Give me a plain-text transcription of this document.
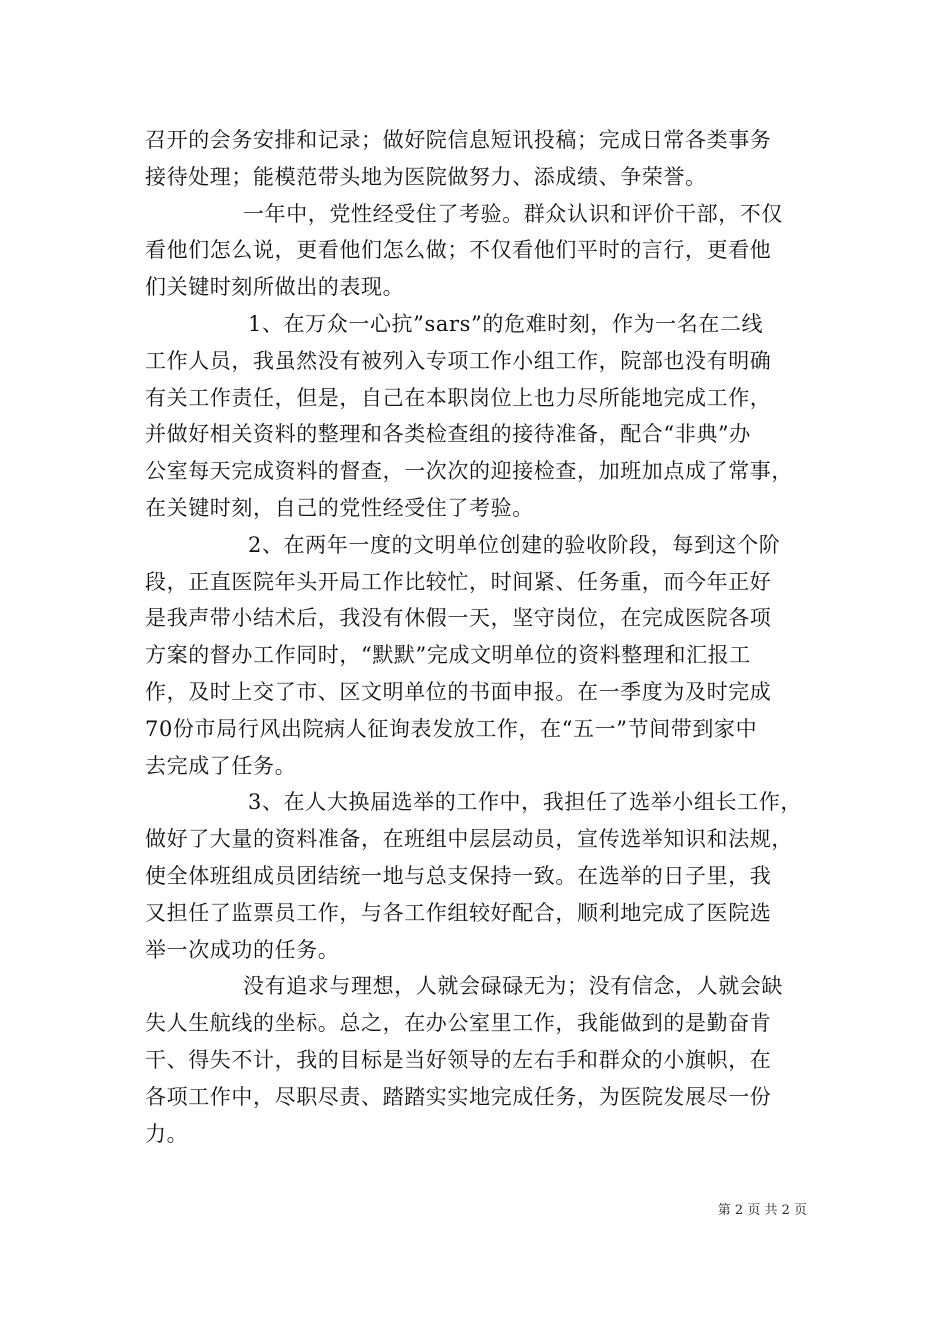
召开的会务安排和记录；做好院信息短讯投稿；完成日常各类事务
接待处理；能模范带头地为医院做努力、添成绩、争荣誉。

一年中，党性经受住了考验。群众认识和评价干部，不仅
看他们怎么说，更看他们怎么做；不仅看他们平时的言行，更看他
们关键时刻所做出的表现。

1、在万众一心抗”sars”的危难时刻，作为一名在二线
工作人员，我虽然没有被列入专项工作小组工作，院部也没有明确
有关工作责任，但是，自己在本职岗位上也力尽所能地完成工作，
并做好相关资料的整理和各类检查组的接待准备，配合“非典”办
公室每天完成资料的督查，一次次的迎接检查，加班加点成了常事，
在关键时刻，自己的党性经受住了考验。

2、在两年一度的文明单位创建的验收阶段，每到这个阶
段，正直医院年头开局工作比较忙，时间紧、任务重，而今年正好
是我声带小结术后，我没有休假一天，坚守岗位，在完成医院各项
方案的督办工作同时，“默默”完成文明单位的资料整理和汇报工
作，及时上交了市、区文明单位的书面申报。在一季度为及时完成
70份市局行风出院病人征询表发放工作，在“五一”节间带到家中
去完成了任务。

3、在人大换届选举的工作中，我担任了选举小组长工作，
做好了大量的资料准备，在班组中层层动员，宣传选举知识和法规，
使全体班组成员团结统一地与总支保持一致。在选举的日子里，我
又担任了监票员工作，与各工作组较好配合，顺利地完成了医院选
举一次成功的任务。

没有追求与理想，人就会碌碌无为；没有信念，人就会缺
失人生航线的坐标。总之，在办公室里工作，我能做到的是勤奋肯
干、得失不计，我的目标是当好领导的左右手和群众的小旗帜，在
各项工作中，尽职尽责、踏踏实实地完成任务，为医院发展尽一份
力。

第 2 页 共 2 页
